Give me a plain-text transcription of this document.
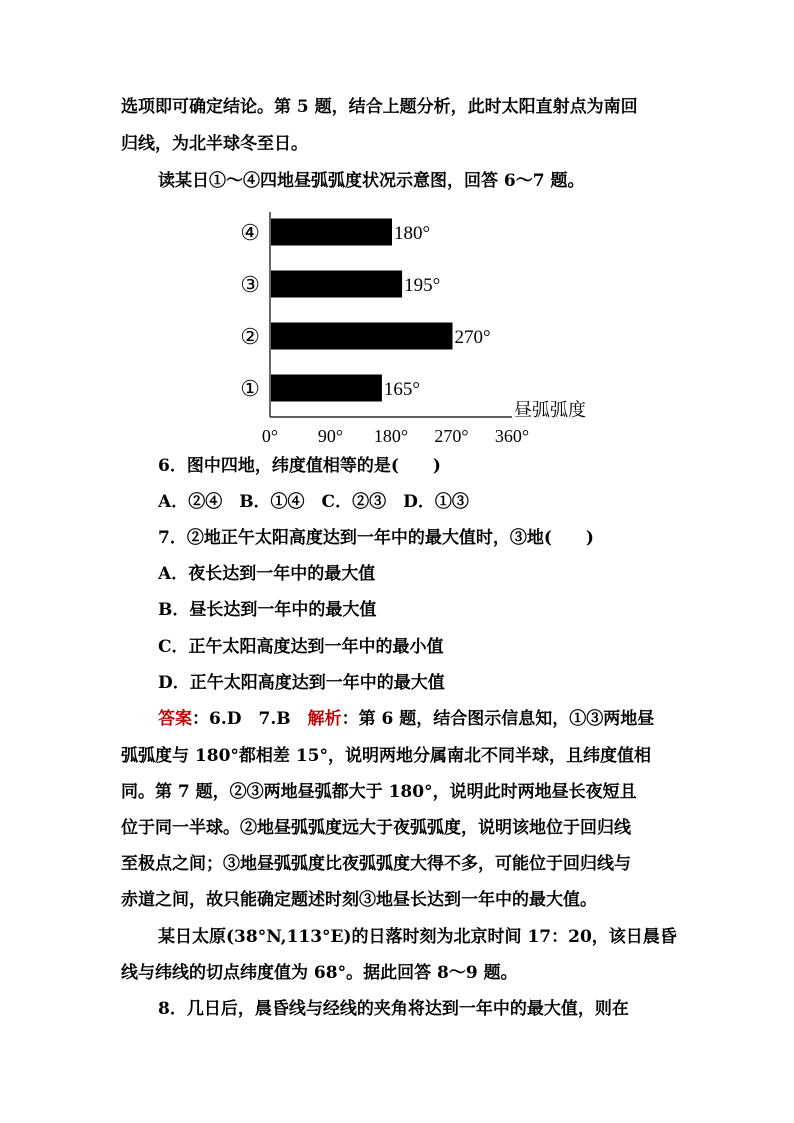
选项即可确定结论。第 5 题，结合上题分析，此时太阳直射点为南回
归线，为北半球冬至日。
读某日①～④四地昼弧弧度状况示意图，回答 6～7 题。
0° 90° 180° 270° 360°
昼弧弧度
165°
①
270°
②
195°
③
180°
④
6．图中四地，纬度值相等的是(　　)
A．②④　B．①④　C．②③　D．①③
7．②地正午太阳高度达到一年中的最大值时，③地(　　)
A．夜长达到一年中的最大值
B．昼长达到一年中的最大值
C．正午太阳高度达到一年中的最小值
D．正午太阳高度达到一年中的最大值
答案：6.D　7.B　解析：第 6 题，结合图示信息知，①③两地昼
弧弧度与 180°都相差 15°，说明两地分属南北不同半球，且纬度值相
同。第 7 题，②③两地昼弧都大于 180°，说明此时两地昼长夜短且
位于同一半球。②地昼弧弧度远大于夜弧弧度，说明该地位于回归线
至极点之间；③地昼弧弧度比夜弧弧度大得不多，可能位于回归线与
赤道之间，故只能确定题述时刻③地昼长达到一年中的最大值。
某日太原(38°N,113°E)的日落时刻为北京时间 17：20，该日晨昏
线与纬线的切点纬度值为 68°。据此回答 8～9 题。
8．几日后，晨昏线与经线的夹角将达到一年中的最大值，则在
